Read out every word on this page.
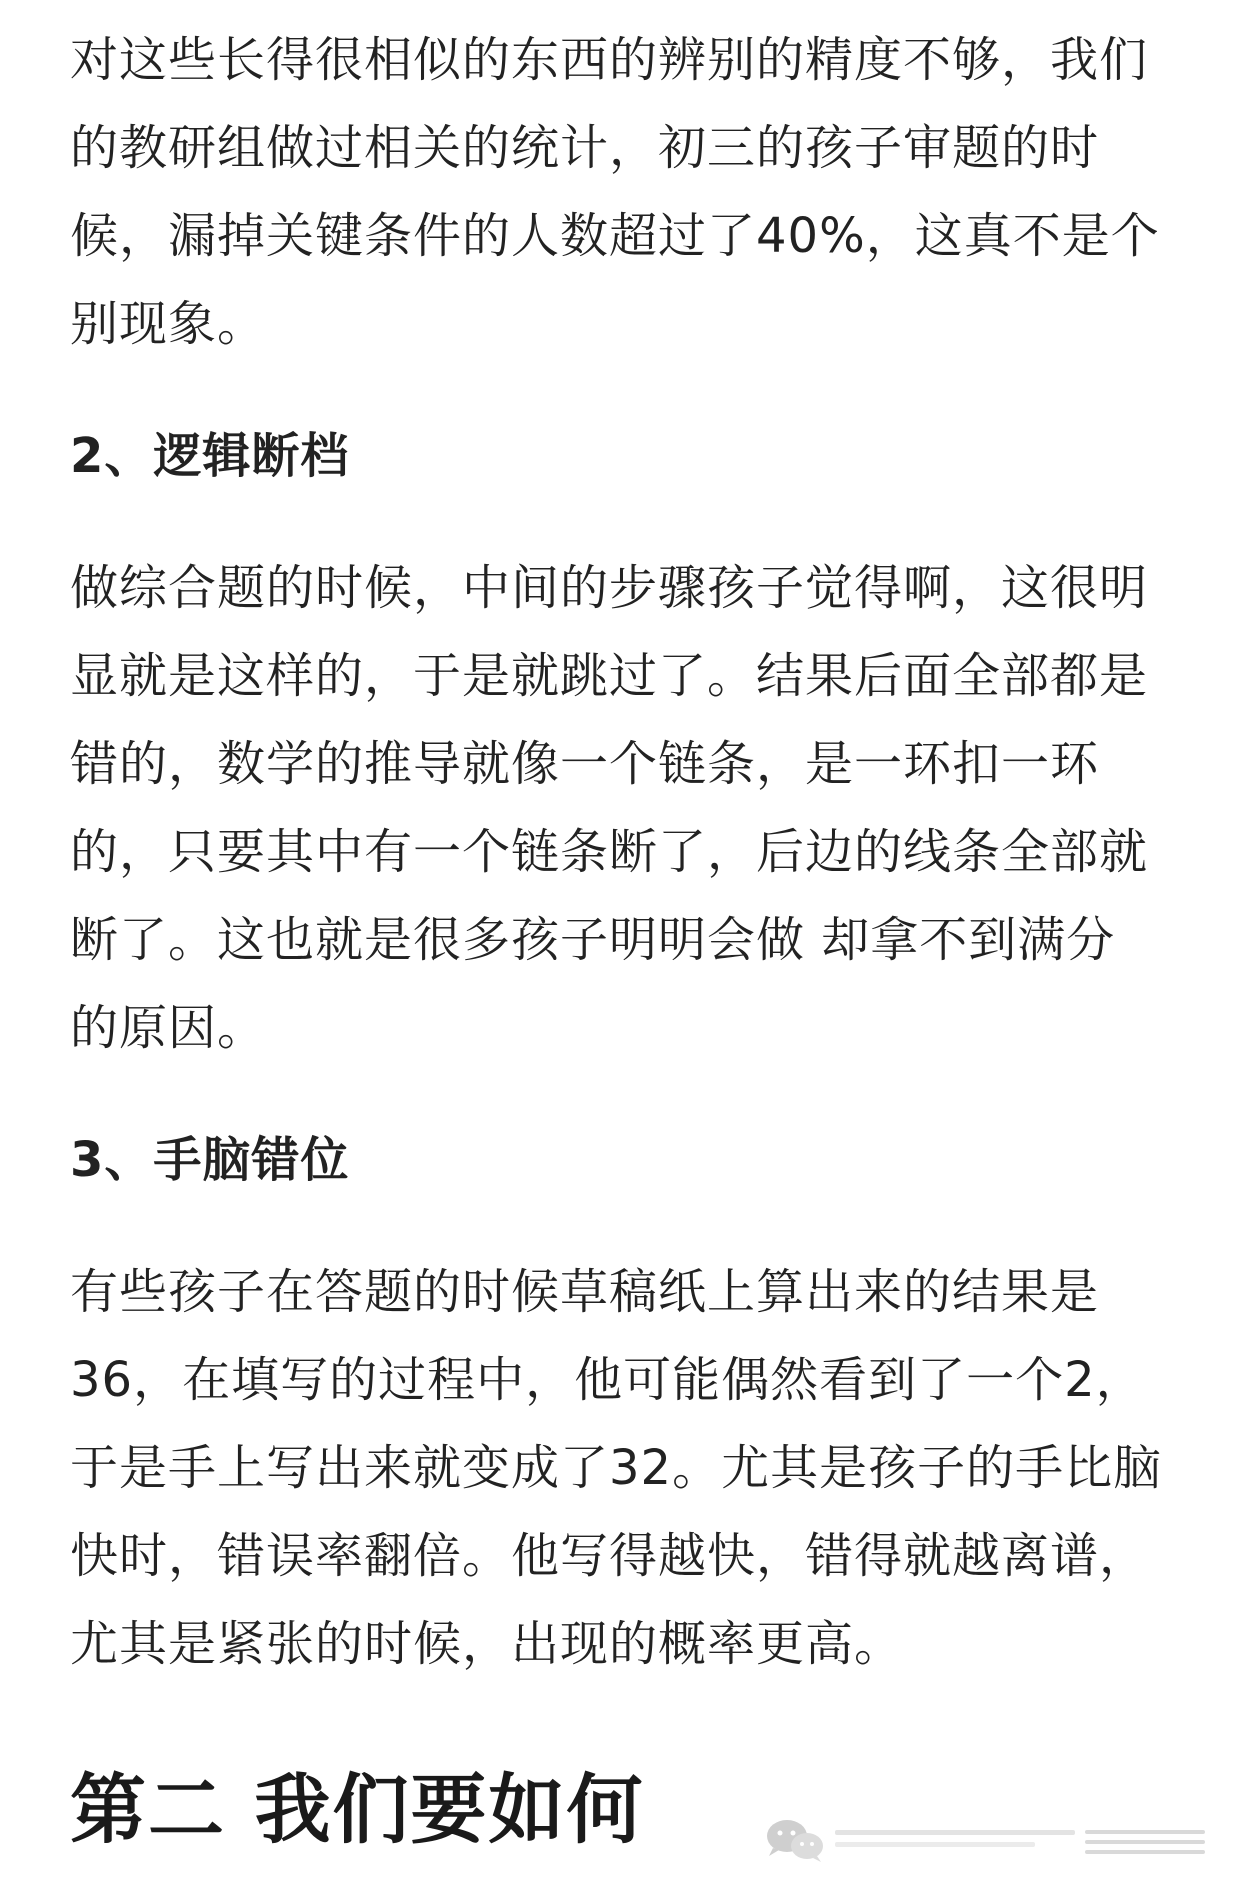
对这些长得很相似的东西的辨别的精度不够，我们
的教研组做过相关的统计，初三的孩子审题的时
候，漏掉关键条件的人数超过了40%，这真不是个
别现象。

2、逻辑断档

做综合题的时候，中间的步骤孩子觉得啊，这很明
显就是这样的，于是就跳过了。结果后面全部都是
错的，数学的推导就像一个链条，是一环扣一环
的，只要其中有一个链条断了，后边的线条全部就
断了。这也就是很多孩子明明会做 却拿不到满分
的原因。

3、手脑错位

有些孩子在答题的时候草稿纸上算出来的结果是
36，在填写的过程中，他可能偶然看到了一个2，
于是手上写出来就变成了32。尤其是孩子的手比脑
快时，错误率翻倍。他写得越快，错得就越离谱，
尤其是紧张的时候，出现的概率更高。

第二 我们要如何
